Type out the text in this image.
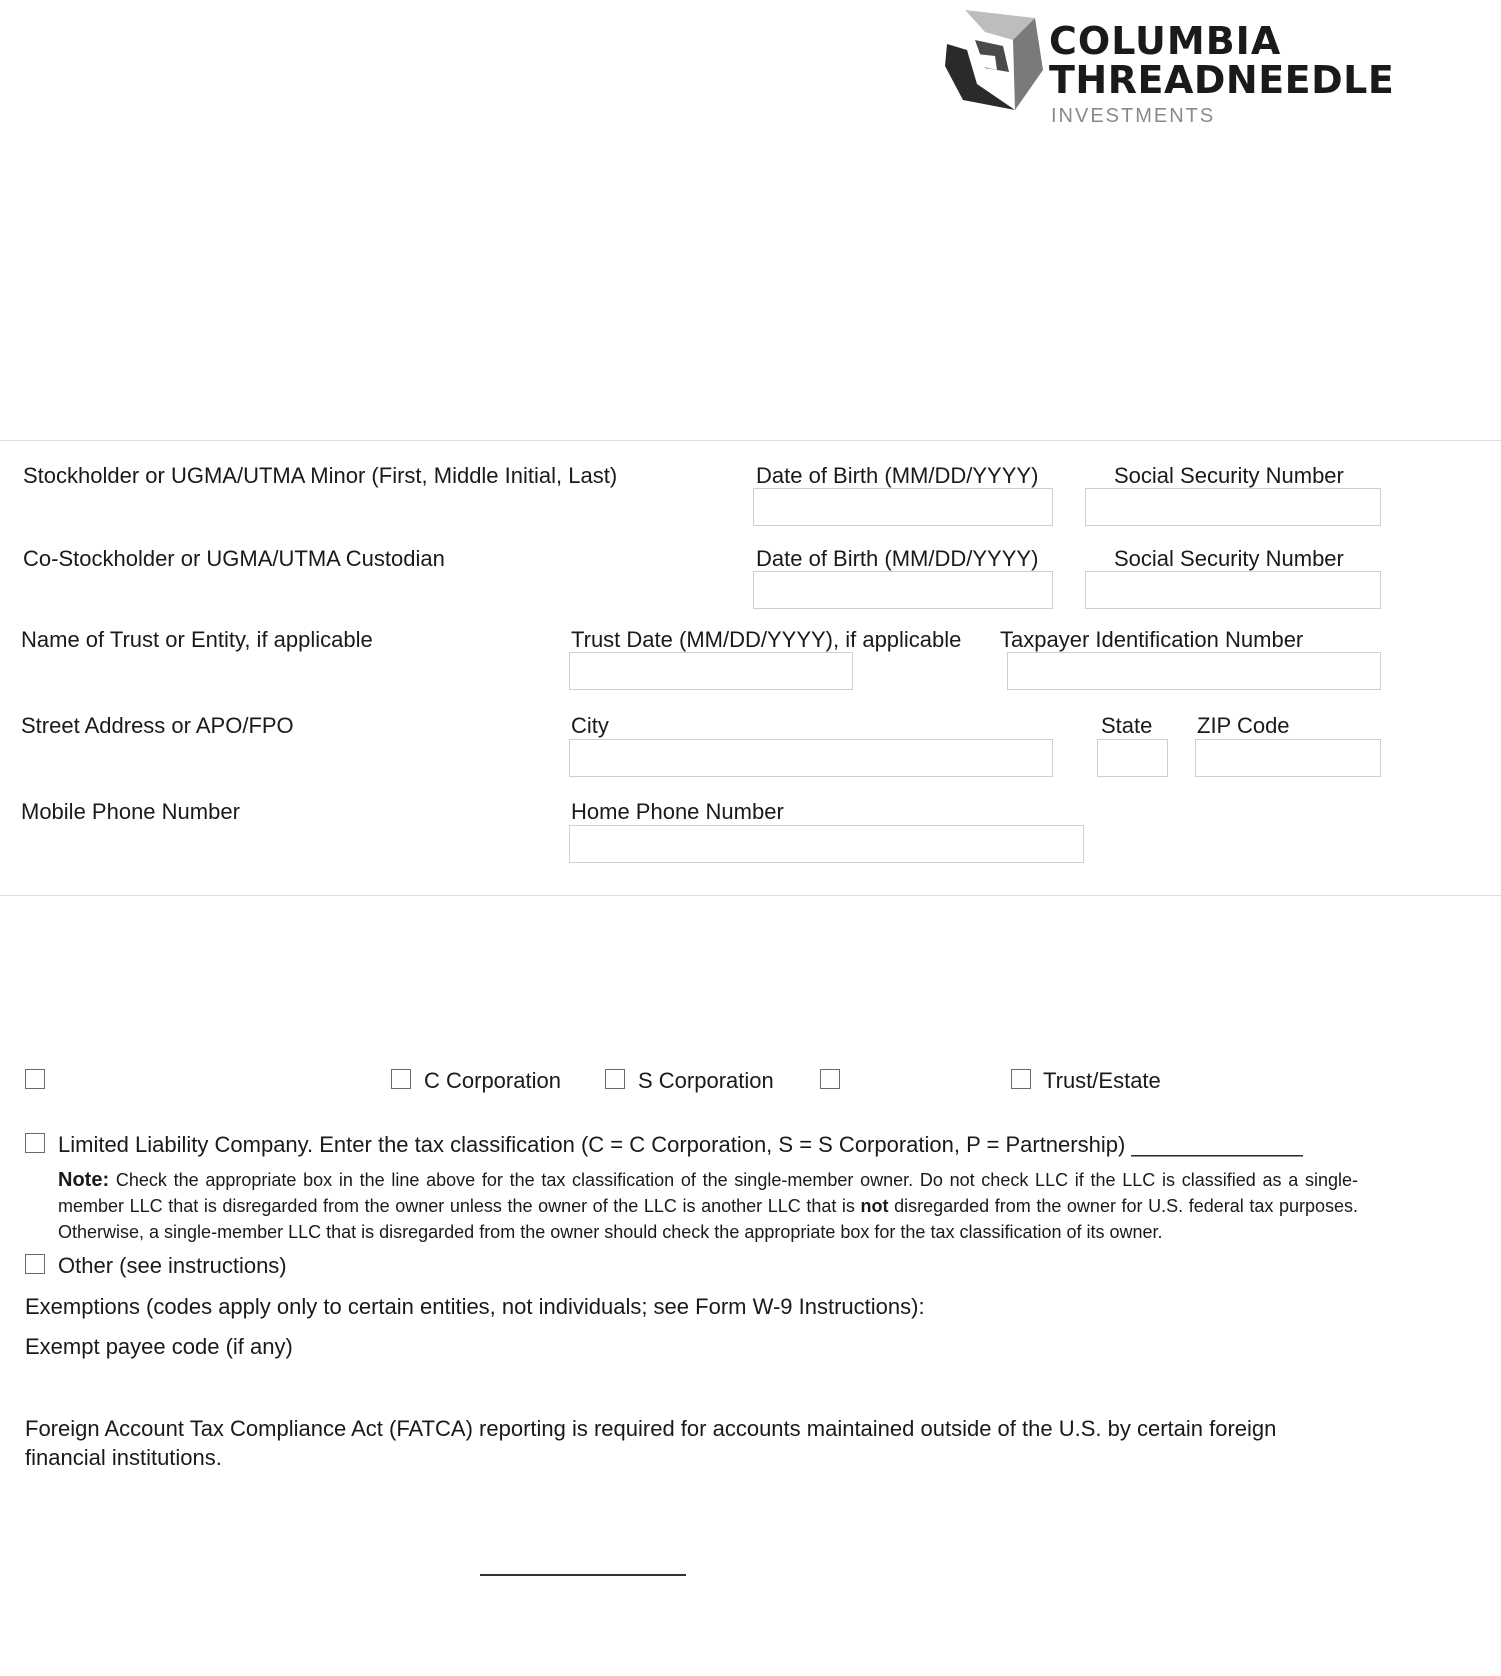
COLUMBIA
THREADNEEDLE
INVESTMENTS
Stockholder or UGMA/UTMA Minor (First, Middle Initial, Last)	Date of Birth (MM/DD/YYYY)	Social Security Number
Co-Stockholder or UGMA/UTMA Custodian	Date of Birth (MM/DD/YYYY)	Social Security Number
Name of Trust or Entity, if applicable	Trust Date (MM/DD/YYYY), if applicable Taxpayer Identification Number
Street Address or APO/FPO	City	State ZIP Code
Mobile Phone Number	Home Phone Number
C Corporation	S Corporation	Trust/Estate
Limited Liability Company. Enter the tax classification (C = C Corporation, S = S Corporation, P = Partnership) ______________
Note: Check the appropriate box in the line above for the tax classification of the single-member owner. Do not check LLC if the LLC is classified as a single-member LLC that is disregarded from the owner unless the owner of the LLC is another LLC that is not disregarded from the owner for U.S. federal tax purposes. Otherwise, a single-member LLC that is disregarded from the owner should check the appropriate box for the tax classification of its owner.
Other (see instructions)
Exemptions (codes apply only to certain entities, not individuals; see Form W-9 Instructions):
Exempt payee code (if any)
Foreign Account Tax Compliance Act (FATCA) reporting is required for accounts maintained outside of the U.S. by certain foreign financial institutions.
